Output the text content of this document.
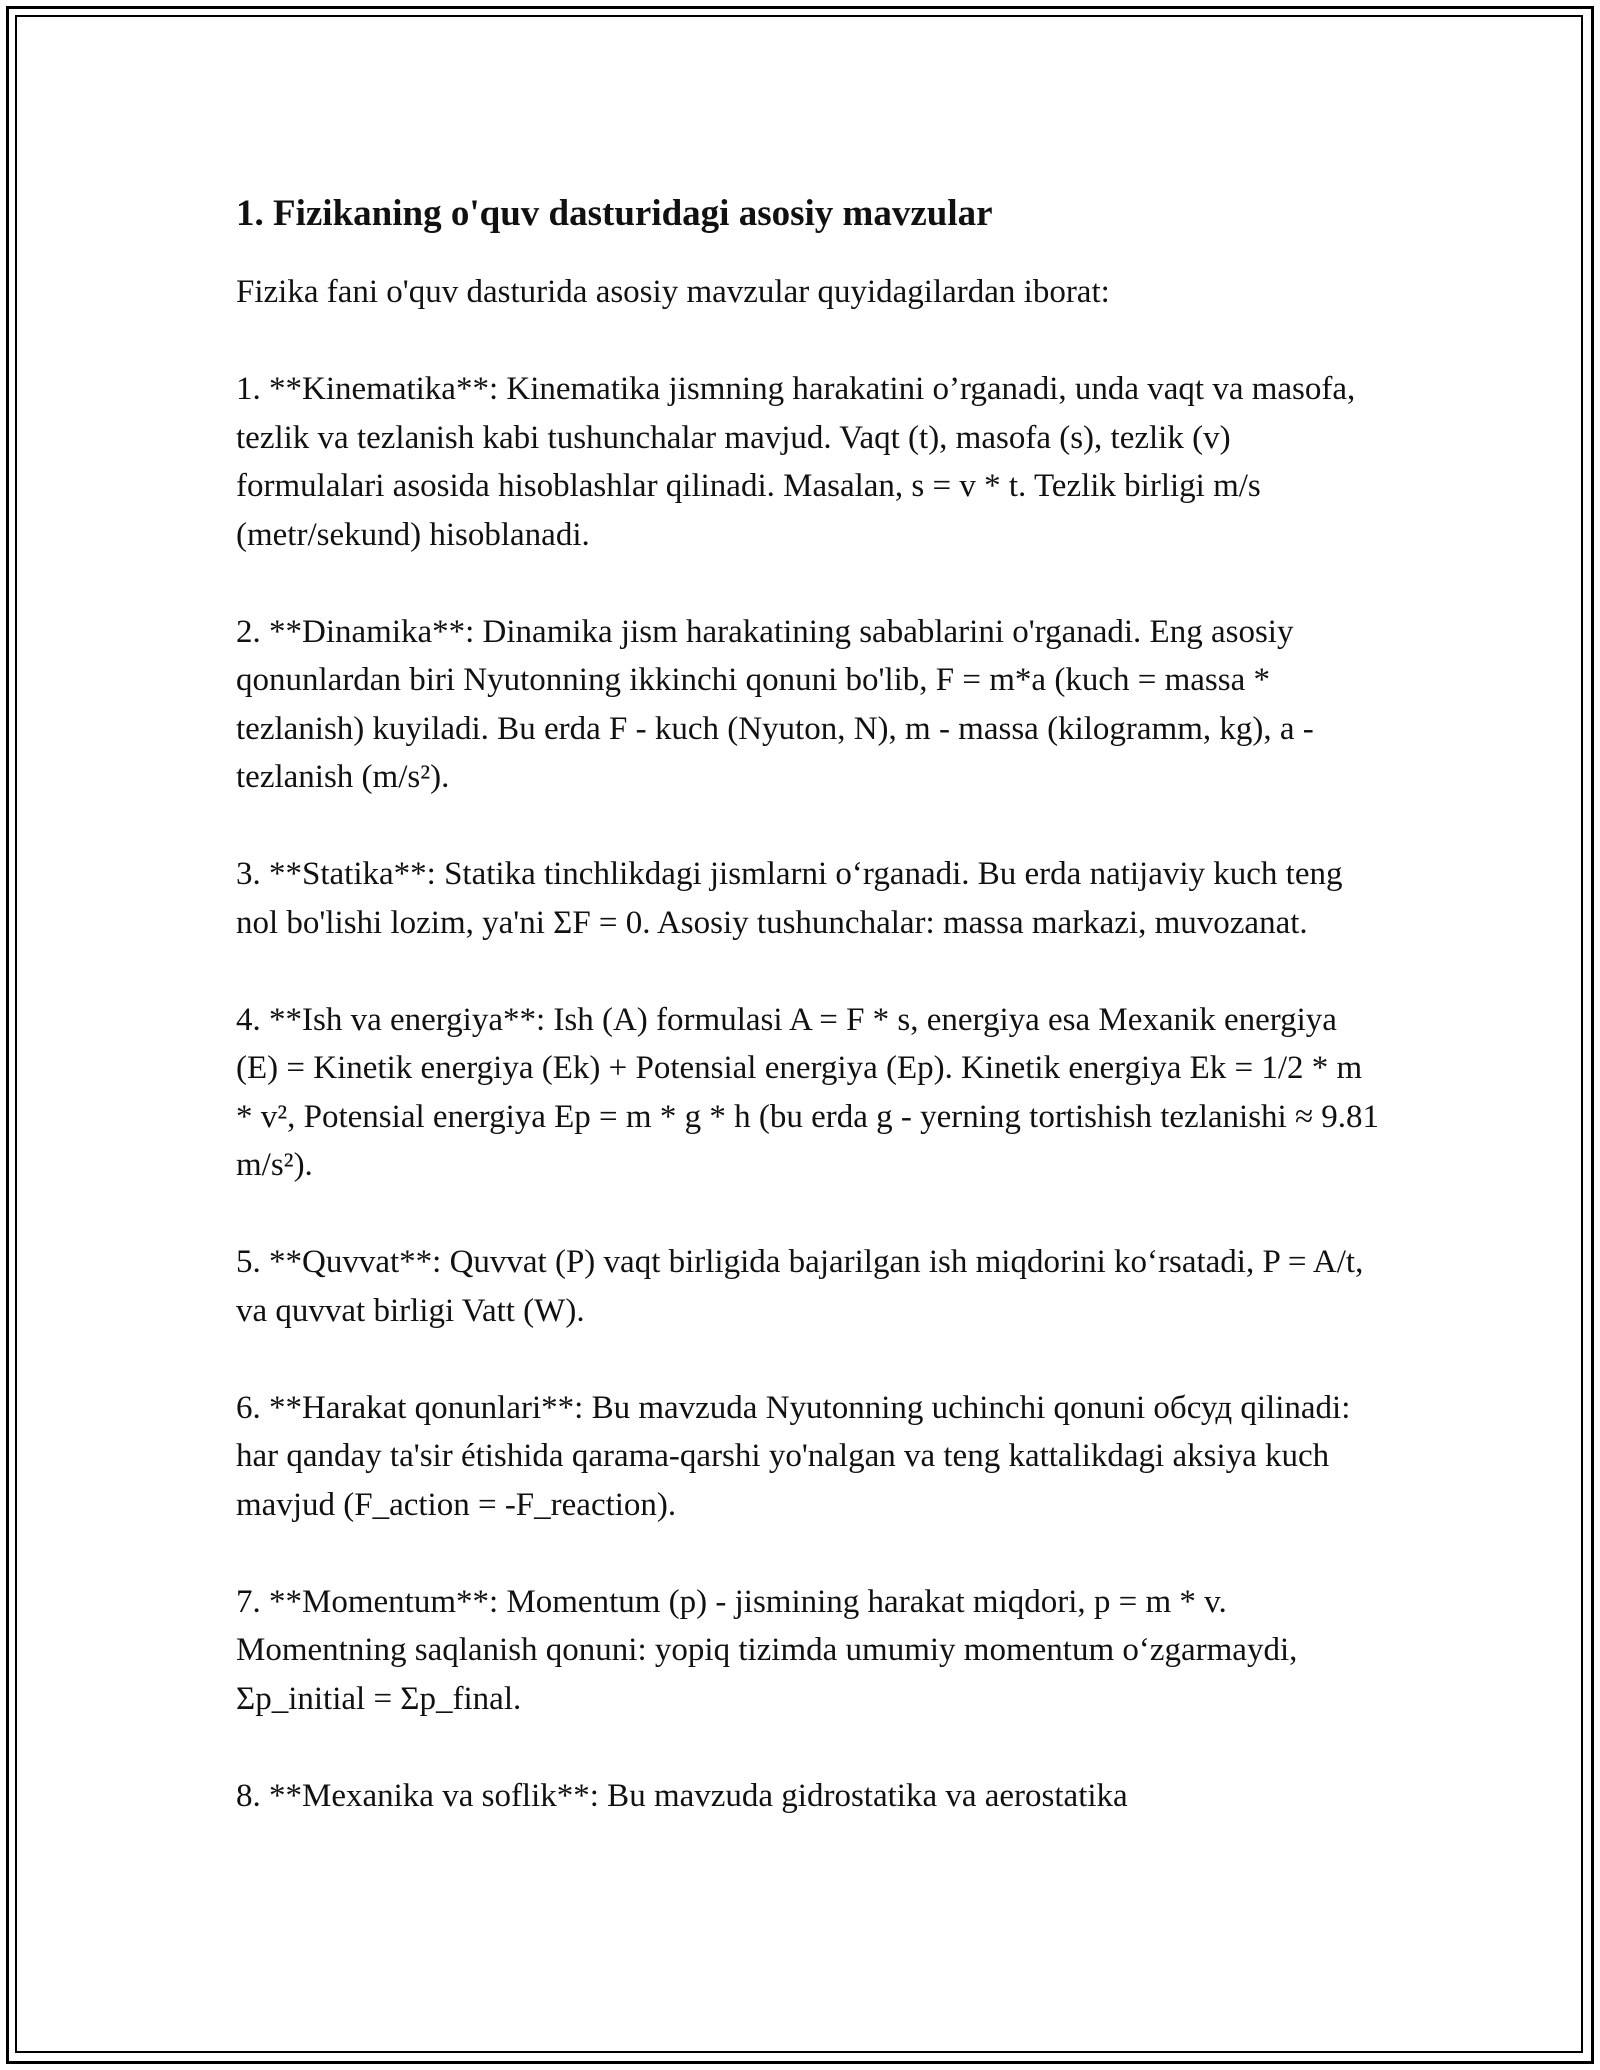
1. Fizikaning o'quv dasturidagi asosiy mavzular

Fizika fani o'quv dasturida asosiy mavzular quyidagilardan iborat:

1. **Kinematika**: Kinematika jismning harakatini o’rganadi, unda vaqt va masofa, tezlik va tezlanish kabi tushunchalar mavjud. Vaqt (t), masofa (s), tezlik (v) formulalari asosida hisoblashlar qilinadi. Masalan, s = v * t. Tezlik birligi m/s (metr/sekund) hisoblanadi.

2. **Dinamika**: Dinamika jism harakatining sabablarini o'rganadi. Eng asosiy qonunlardan biri Nyutonning ikkinchi qonuni bo'lib, F = m*a (kuch = massa * tezlanish) kuyiladi. Bu erda F - kuch (Nyuton, N), m - massa (kilogramm, kg), a - tezlanish (m/s²).

3. **Statika**: Statika tinchlikdagi jismlarni o‘rganadi. Bu erda natijaviy kuch teng nol bo'lishi lozim, ya'ni ΣF = 0. Asosiy tushunchalar: massa markazi, muvozanat.

4. **Ish va energiya**: Ish (A) formulasi A = F * s, energiya esa Mexanik energiya (E) = Kinetik energiya (Ek) + Potensial energiya (Ep). Kinetik energiya Ek = 1/2 * m * v², Potensial energiya Ep = m * g * h (bu erda g - yerning tortishish tezlanishi ≈ 9.81 m/s²).

5. **Quvvat**: Quvvat (P) vaqt birligida bajarilgan ish miqdorini ko‘rsatadi, P = A/t, va quvvat birligi Vatt (W).

6. **Harakat qonunlari**: Bu mavzuda Nyutonning uchinchi qonuni обсуд qilinadi: har qanday ta'sir étishida qarama-qarshi yo'nalgan va teng kattalikdagi aksiya kuch mavjud (F_action = -F_reaction).

7. **Momentum**: Momentum (p) - jismining harakat miqdori, p = m * v. Momentning saqlanish qonuni: yopiq tizimda umumiy momentum o‘zgarmaydi, Σp_initial = Σp_final.

8. **Mexanika va soflik**: Bu mavzuda gidrostatika va aerostatika
